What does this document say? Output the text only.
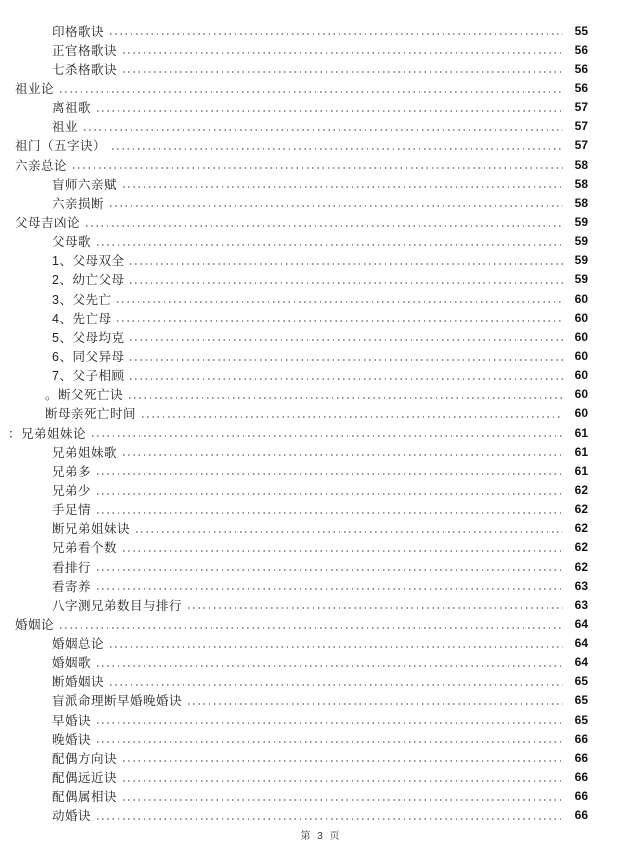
印格歌诀	55
正官格歌诀	56
七杀格歌诀	56
祖业论	56
离祖歌	57
祖业	57
祖门（五字诀）	57
六亲总论	58
盲师六亲赋	58
六亲损断	58
父母吉凶论	59
父母歌	59
1、父母双全	59
2、幼亡父母	59
3、父先亡	60
4、先亡母	60
5、父母均克	60
6、同父异母	60
7、父子相顾	60
。断父死亡诀	60
断母亲死亡时间	60
：兄弟姐妹论	61
兄弟姐妹歌	61
兄弟多	61
兄弟少	62
手足情	62
断兄弟姐妹诀	62
兄弟看个数	62
看排行	62
看寄养	63
八字测兄弟数目与排行	63
婚姻论	64
婚姻总论	64
婚姻歌	64
断婚姻诀	65
盲派命理断早婚晚婚诀	65
早婚诀	65
晚婚诀	66
配偶方向诀	66
配偶远近诀	66
配偶属相诀	66
动婚诀	66
第 3 页
